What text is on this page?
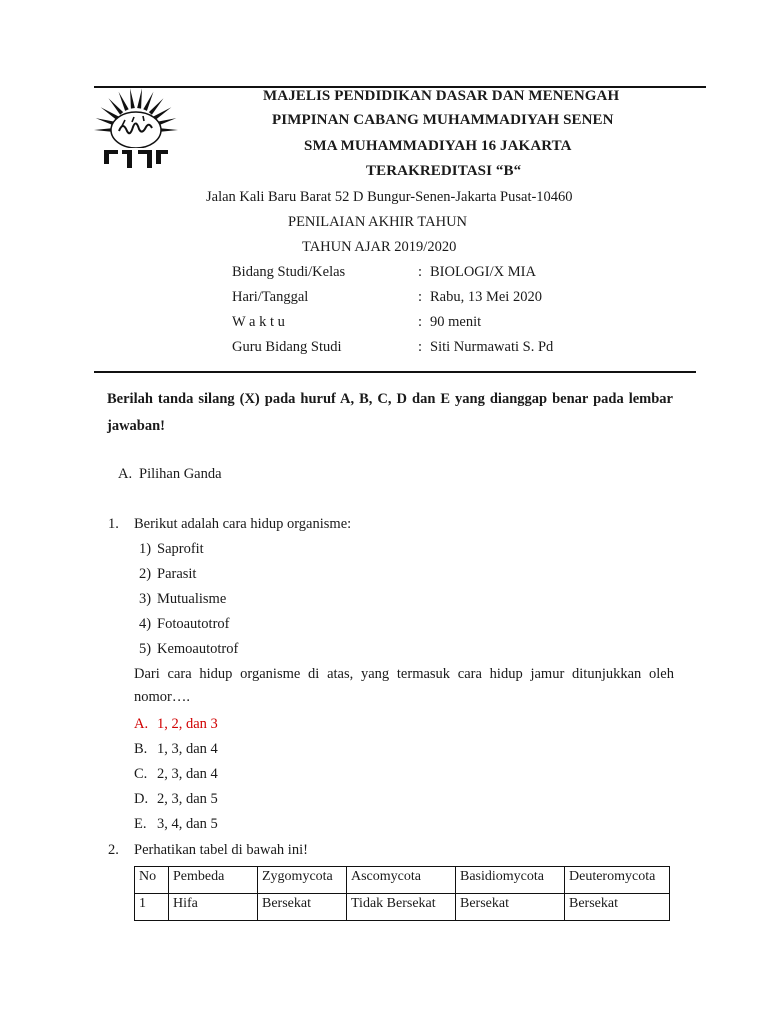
MAJELIS PENDIDIKAN DASAR DAN MENENGAH
PIMPINAN CABANG MUHAMMADIYAH SENEN
SMA MUHAMMADIYAH 16 JAKARTA
TERAKREDITASI “B“
Jalan Kali Baru Barat 52 D Bungur-Senen-Jakarta Pusat-10460
PENILAIAN AKHIR TAHUN
TAHUN AJAR 2019/2020
Bidang Studi/Kelas	: BIOLOGI/X MIA
Hari/Tanggal	: Rabu, 13 Mei 2020
W a k t u	: 90 menit
Guru Bidang Studi	: Siti Nurmawati S. Pd
Berilah tanda silang (X) pada huruf A, B, C, D dan E yang dianggap benar pada lembar jawaban!
A. Pilihan Ganda
1. Berikut adalah cara hidup organisme:
1) Saprofit
2) Parasit
3) Mutualisme
4) Fotoautotrof
5) Kemoautotrof
Dari cara hidup organisme di atas, yang termasuk cara hidup jamur ditunjukkan oleh nomor….
A. 1, 2, dan 3
B. 1, 3, dan 4
C. 2, 3, dan 4
D. 2, 3, dan 5
E. 3, 4, dan 5
2. Perhatikan tabel di bawah ini!
No	Pembeda	Zygomycota	Ascomycota	Basidiomycota	Deuteromycota
1	Hifa	Bersekat	Tidak Bersekat	Bersekat	Bersekat
